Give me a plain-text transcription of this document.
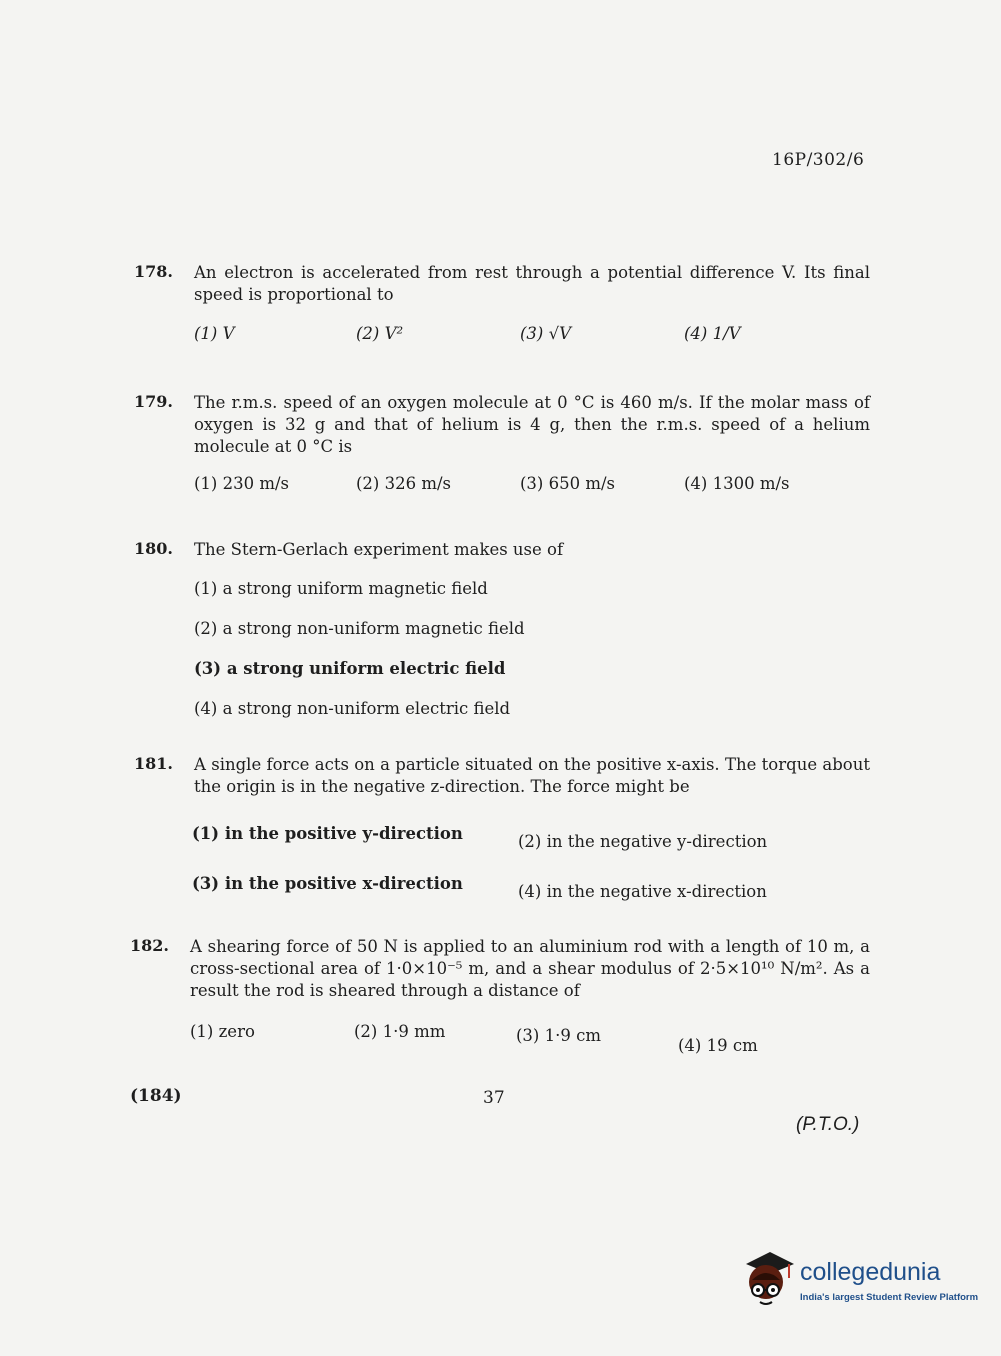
16P/302/6
178. An electron is accelerated from rest through a potential difference V. Its final speed is proportional to
(1) V	(2) V²	(3) √V	(4) 1/V
179. The r.m.s. speed of an oxygen molecule at 0 °C is 460 m/s. If the molar mass of oxygen is 32 g and that of helium is 4 g, then the r.m.s. speed of a helium molecule at 0 °C is
(1) 230 m/s	(2) 326 m/s	(3) 650 m/s	(4) 1300 m/s
180. The Stern-Gerlach experiment makes use of
(1) a strong uniform magnetic field
(2) a strong non-uniform magnetic field
(3) a strong uniform electric field
(4) a strong non-uniform electric field
181. A single force acts on a particle situated on the positive x-axis. The torque about the origin is in the negative z-direction. The force might be
(1) in the positive y-direction	(2) in the negative y-direction
(3) in the positive x-direction	(4) in the negative x-direction
182. A shearing force of 50 N is applied to an aluminium rod with a length of 10 m, a cross-sectional area of 1·0×10⁻⁵ m, and a shear modulus of 2·5×10¹⁰ N/m². As a result the rod is sheared through a distance of
(1) zero	(2) 1·9 mm	(3) 1·9 cm
(4) 19 cm
(184)	37
(P.T.O.)
collegedunia
India's largest Student Review Platform
